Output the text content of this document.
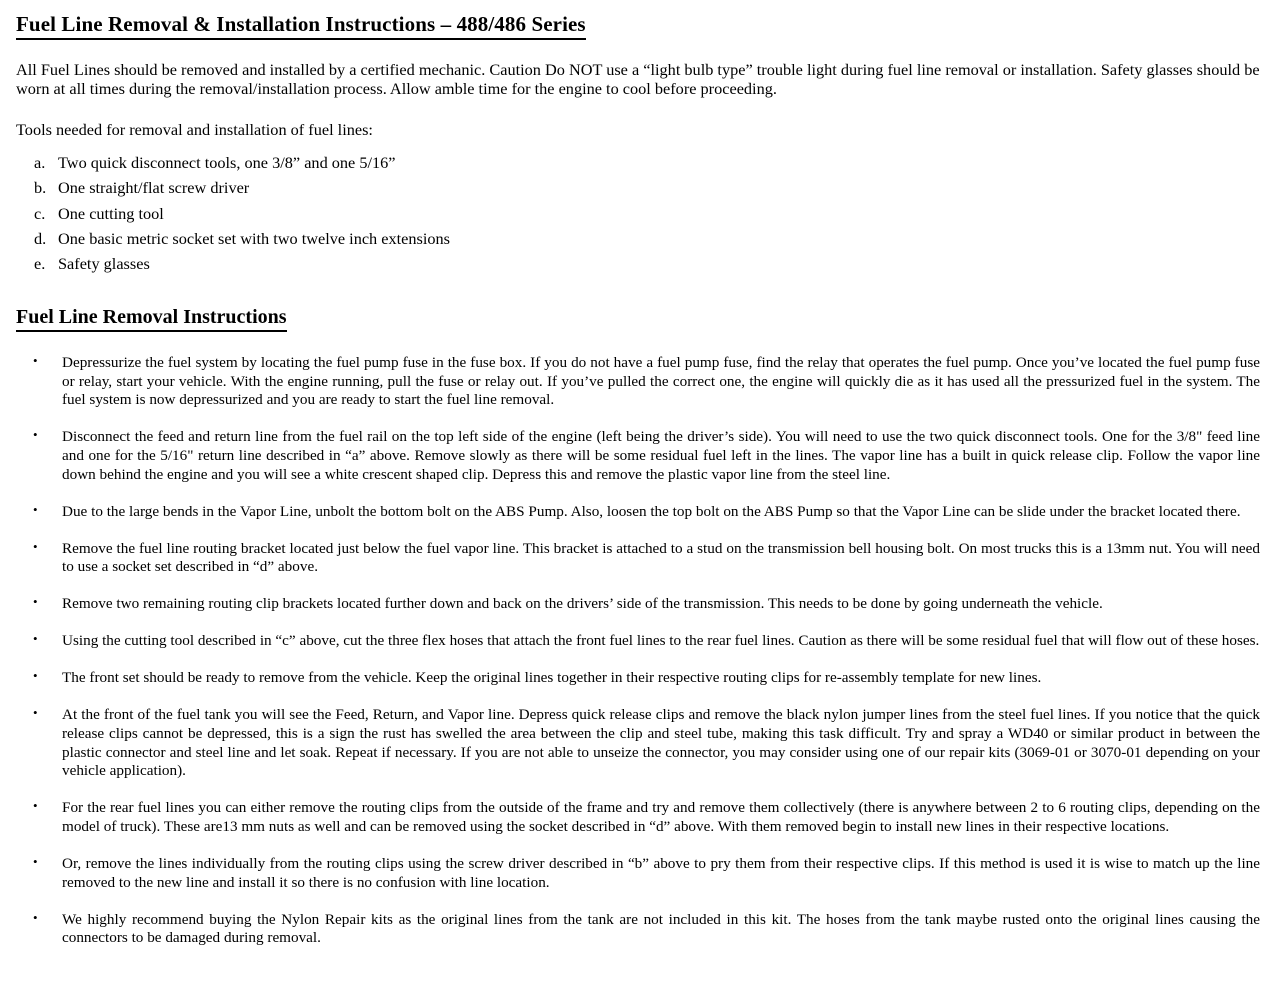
Fuel Line Removal & Installation Instructions – 488/486 Series

All Fuel Lines should be removed and installed by a certified mechanic. Caution Do NOT use a “light bulb type” trouble light during fuel line removal or installation. Safety glasses should be worn at all times during the removal/installation process. Allow amble time for the engine to cool before proceeding.

Tools needed for removal and installation of fuel lines:

a. Two quick disconnect tools, one 3/8” and one 5/16”
b. One straight/flat screw driver
c. One cutting tool
d. One basic metric socket set with two twelve inch extensions
e. Safety glasses
Fuel Line Removal Instructions
• Depressurize the fuel system by locating the fuel pump fuse in the fuse box. If you do not have a fuel pump fuse, find the relay that operates the fuel pump. Once you’ve located the fuel pump fuse or relay, start your vehicle. With the engine running, pull the fuse or relay out. If you’ve pulled the correct one, the engine will quickly die as it has used all the pressurized fuel in the system. The fuel system is now depressurized and you are ready to start the fuel line removal.
• Disconnect the feed and return line from the fuel rail on the top left side of the engine (left being the driver’s side). You will need to use the two quick disconnect tools. One for the 3/8" feed line and one for the 5/16" return line described in “a” above. Remove slowly as there will be some residual fuel left in the lines. The vapor line has a built in quick release clip. Follow the vapor line down behind the engine and you will see a white crescent shaped clip. Depress this and remove the plastic vapor line from the steel line.
• Due to the large bends in the Vapor Line, unbolt the bottom bolt on the ABS Pump. Also, loosen the top bolt on the ABS Pump so that the Vapor Line can be slide under the bracket located there.
• Remove the fuel line routing bracket located just below the fuel vapor line. This bracket is attached to a stud on the transmission bell housing bolt. On most trucks this is a 13mm nut. You will need to use a socket set described in “d” above.
• Remove two remaining routing clip brackets located further down and back on the drivers’ side of the transmission. This needs to be done by going underneath the vehicle.
• Using the cutting tool described in “c” above, cut the three flex hoses that attach the front fuel lines to the rear fuel lines. Caution as there will be some residual fuel that will flow out of these hoses.
• The front set should be ready to remove from the vehicle. Keep the original lines together in their respective routing clips for re-assembly template for new lines.
• At the front of the fuel tank you will see the Feed, Return, and Vapor line. Depress quick release clips and remove the black nylon jumper lines from the steel fuel lines. If you notice that the quick release clips cannot be depressed, this is a sign the rust has swelled the area between the clip and steel tube, making this task difficult. Try and spray a WD40 or similar product in between the plastic connector and steel line and let soak. Repeat if necessary. If you are not able to unseize the connector, you may consider using one of our repair kits (3069-01 or 3070-01 depending on your vehicle application).
• For the rear fuel lines you can either remove the routing clips from the outside of the frame and try and remove them collectively (there is anywhere between 2 to 6 routing clips, depending on the model of truck). These are13 mm nuts as well and can be removed using the socket described in “d” above. With them removed begin to install new lines in their respective locations.
• Or, remove the lines individually from the routing clips using the screw driver described in “b” above to pry them from their respective clips. If this method is used it is wise to match up the line removed to the new line and install it so there is no confusion with line location.
• We highly recommend buying the Nylon Repair kits as the original lines from the tank are not included in this kit. The hoses from the tank maybe rusted onto the original lines causing the connectors to be damaged during removal.
